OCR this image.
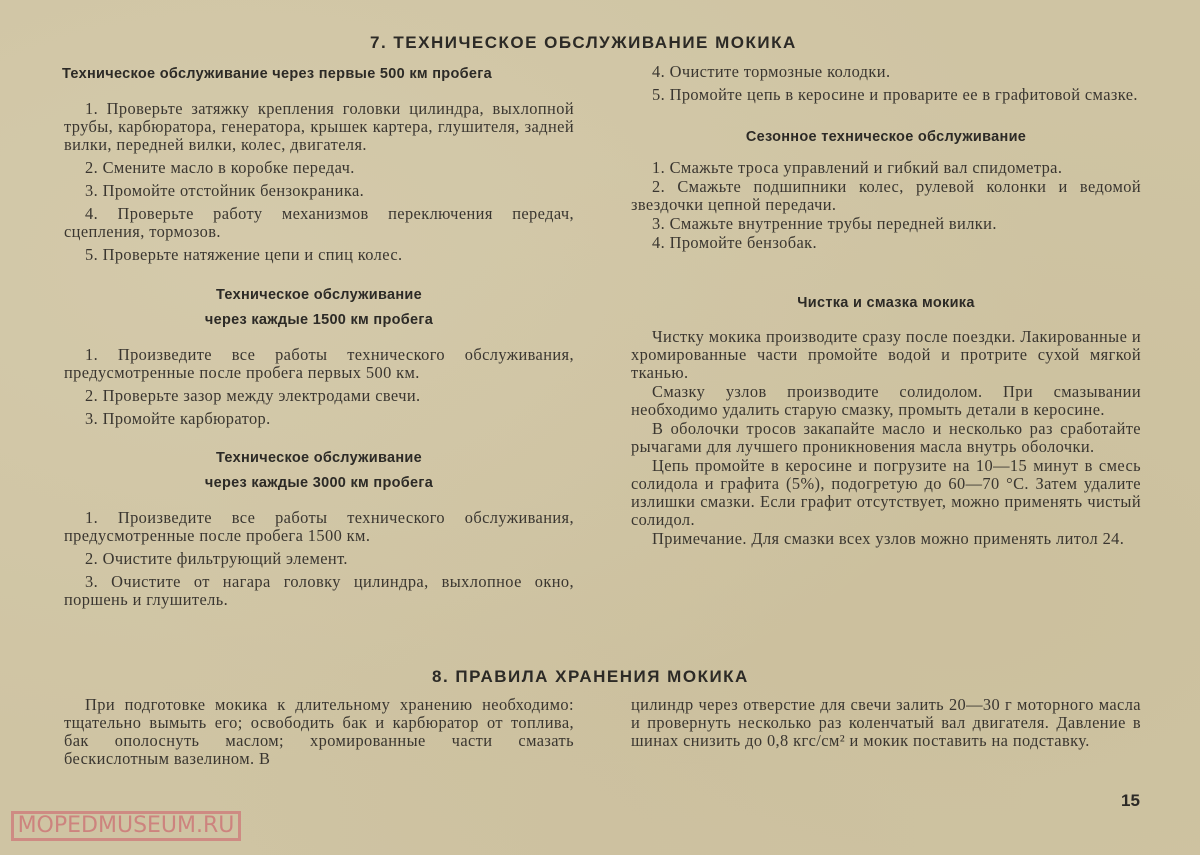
7. ТЕХНИЧЕСКОЕ ОБСЛУЖИВАНИЕ МОКИКА
Техническое обслуживание через первые 500 км пробега

1. Проверьте затяжку крепления головки цилиндра, выхлопной трубы, карбюратора, генератора, крышек картера, глушителя, задней вилки, передней вилки, колес, двигателя.

2. Смените масло в коробке передач.

3. Промойте отстойник бензокраника.

4. Проверьте работу механизмов переключения передач, сцепления, тормозов.

5. Проверьте натяжение цепи и спиц колес.

Техническое обслуживание
через каждые 1500 км пробега

1. Произведите все работы технического обслуживания, предусмотренные после пробега первых 500 км.

2. Проверьте зазор между электродами свечи.

3. Промойте карбюратор.

Техническое обслуживание
через каждые 3000 км пробега

1. Произведите все работы технического обслуживания, предусмотренные после пробега 1500 км.

2. Очистите фильтрующий элемент.

3. Очистите от нагара головку цилиндра, выхлопное окно, поршень и глушитель.

4. Очистите тормозные колодки.

5. Промойте цепь в керосине и проварите ее в графитовой смазке.

Сезонное техническое обслуживание

1. Смажьте троса управлений и гибкий вал спидометра.

2. Смажьте подшипники колес, рулевой колонки и ведомой звездочки цепной передачи.

3. Смажьте внутренние трубы передней вилки.

4. Промойте бензобак.

Чистка и смазка мокика

Чистку мокика производите сразу после поездки. Лакированные и хромированные части промойте водой и протрите сухой мягкой тканью.

Смазку узлов производите солидолом. При смазывании необходимо удалить старую смазку, промыть детали в керосине.

В оболочки тросов закапайте масло и несколько раз сработайте рычагами для лучшего проникновения масла внутрь оболочки.

Цепь промойте в керосине и погрузите на 10—15 минут в смесь солидола и графита (5%), подогретую до 60—70 °С. Затем удалите излишки смазки. Если графит отсутствует, можно применять чистый солидол.

Примечание. Для смазки всех узлов можно применять литол 24.

8. ПРАВИЛА ХРАНЕНИЯ МОКИКА

При подготовке мокика к длительному хранению необходимо: тщательно вымыть его; освободить бак и карбюратор от топлива, бак ополоснуть маслом; хромированные части смазать бескислотным вазелином. В

цилиндр через отверстие для свечи залить 20—30 г моторного масла и провернуть несколько раз коленчатый вал двигателя. Давление в шинах снизить до 0,8 кгс/см² и мокик поставить на подставку.

15
MOPEDMUSEUM.RU
